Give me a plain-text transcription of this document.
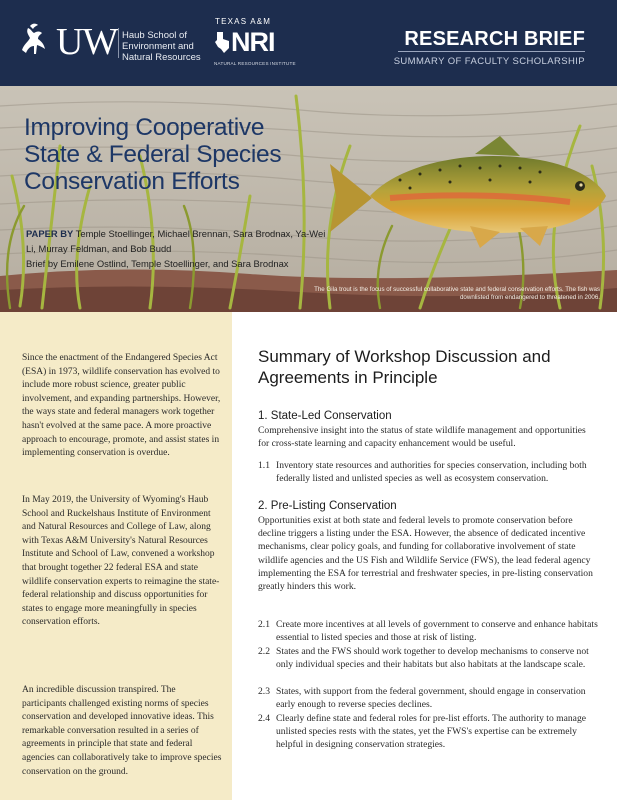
UW Haub School of Environment and Natural Resources
TEXAS A&M
NRI
NATURAL RESOURCES INSTITUTE
RESEARCH BRIEF
SUMMARY OF FACULTY SCHOLARSHIP
Improving Cooperative State & Federal Species Conservation Efforts
PAPER BY Temple Stoellinger, Michael Brennan, Sara Brodnax, Ya-Wei Li, Murray Feldman, and Bob Budd
Brief by Emilene Ostlind, Temple Stoellinger, and Sara Brodnax
The Gila trout is the focus of successful collaborative state and federal conservation efforts. The fish was downlisted from endangered to threatened in 2006.

Since the enactment of the Endangered Species Act (ESA) in 1973, wildlife conservation has evolved to include more robust science, greater public involvement, and expanding partnerships. However, the ways state and federal managers work together hasn't evolved at the same pace. A more proactive approach to encourage, promote, and assist states in implementing conservation is overdue.

In May 2019, the University of Wyoming's Haub School and Ruckelshaus Institute of Environment and Natural Resources and College of Law, along with Texas A&M University's Natural Resources Institute and School of Law, convened a workshop that brought together 22 federal ESA and state wildlife conservation experts to reimagine the state-federal relationship and discuss opportunities for states to engage more meaningfully in species conservation efforts.

An incredible discussion transpired. The participants challenged existing norms of species conservation and developed innovative ideas. This remarkable conversation resulted in a series of agreements in principle that state and federal agencies can collaboratively take to improve species conservation on the ground.

Summary of Workshop Discussion and Agreements in Principle
1. State-Led Conservation
Comprehensive insight into the status of state wildlife management and opportunities for cross-state learning and capacity enhancement would be useful.
1.1 Inventory state resources and authorities for species conservation, including both federally listed and unlisted species as well as ecosystem conservation.
2. Pre-Listing Conservation
Opportunities exist at both state and federal levels to promote conservation before decline triggers a listing under the ESA. However, the absence of dedicated incentive mechanisms, clear policy goals, and funding for collaborative involvement of state wildlife agencies and the US Fish and Wildlife Service (FWS), the lead federal agency implementing the ESA for terrestrial and freshwater species, in pre-listing conservation greatly hinders this work.
2.1 Create more incentives at all levels of government to conserve and enhance habitats essential to listed species and those at risk of listing.
2.2 States and the FWS should work together to develop mechanisms to conserve not only individual species and their habitats but also habitats at the landscape scale.
2.3 States, with support from the federal government, should engage in conservation early enough to reverse species declines.
2.4 Clearly define state and federal roles for pre-list efforts. The authority to manage unlisted species rests with the states, yet the FWS's expertise can be extremely helpful in designing conservation strategies.
